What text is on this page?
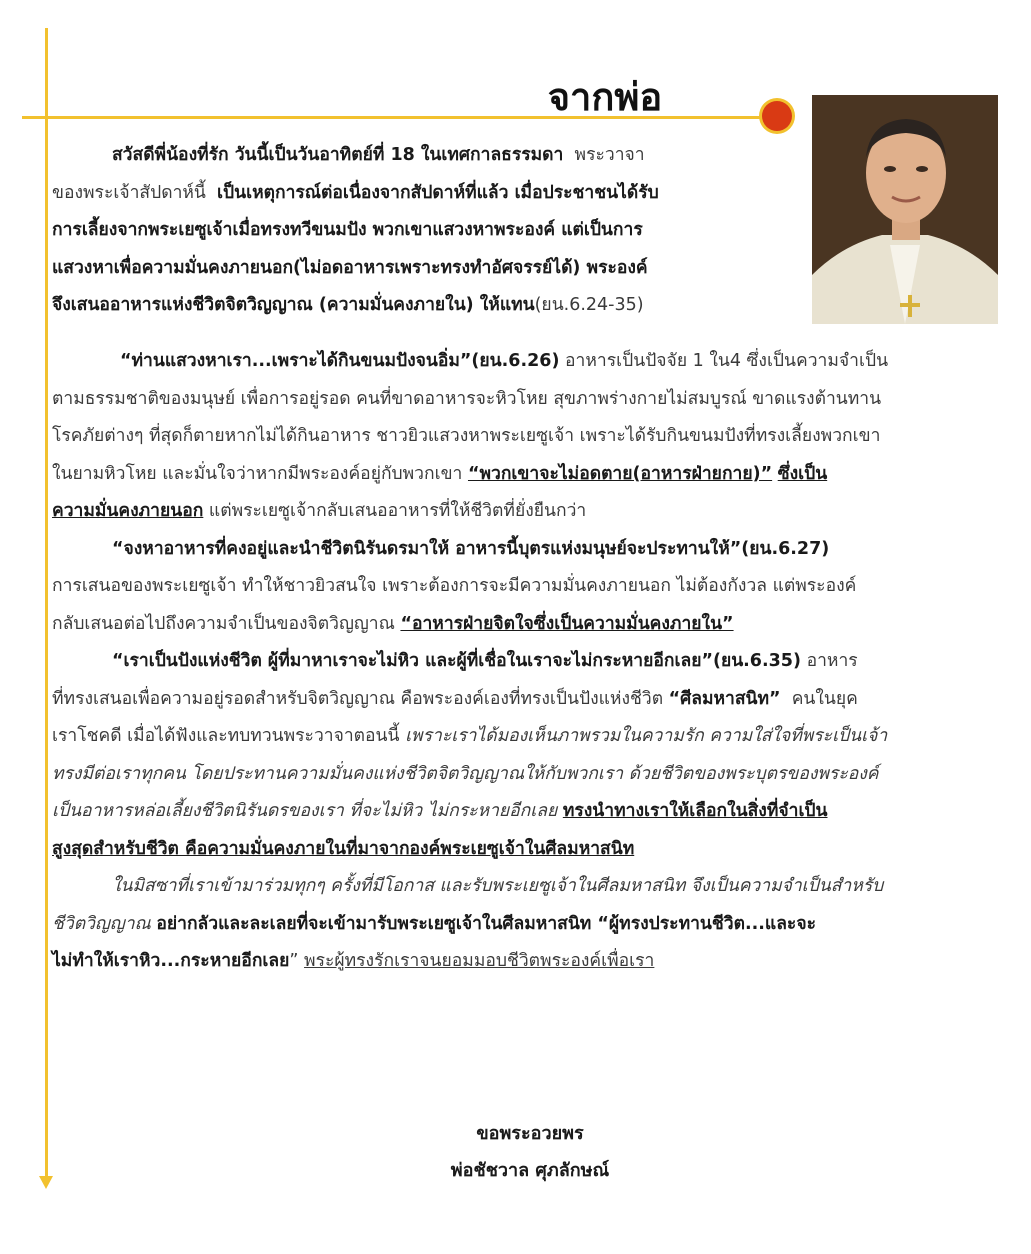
จากพ่อ
สวัสดีพี่น้องที่รัก วันนี้เป็นวันอาทิตย์ที่ 18 ในเทศกาลธรรมดา พระวาจา
ของพระเจ้าสัปดาห์นี้ เป็นเหตุการณ์ต่อเนื่องจากสัปดาห์ที่แล้ว เมื่อประชาชนได้รับ
การเลี้ยงจากพระเยซูเจ้าเมื่อทรงทวีขนมปัง พวกเขาแสวงหาพระองค์ แต่เป็นการ
แสวงหาเพื่อความมั่นคงภายนอก(ไม่อดอาหารเพราะทรงทำอัศจรรย์ได้) พระองค์
จึงเสนออาหารแห่งชีวิตจิตวิญญาณ (ความมั่นคงภายใน) ให้แทน(ยน.6.24-35)
“ท่านแสวงหาเรา...เพราะได้กินขนมปังจนอิ่ม”(ยน.6.26) อาหารเป็นปัจจัย 1 ใน4 ซึ่งเป็นความจำเป็น
ตามธรรมชาติของมนุษย์ เพื่อการอยู่รอด คนที่ขาดอาหารจะหิวโหย สุขภาพร่างกายไม่สมบูรณ์ ขาดแรงต้านทาน
โรคภัยต่างๆ ที่สุดก็ตายหากไม่ได้กินอาหาร ชาวยิวแสวงหาพระเยซูเจ้า เพราะได้รับกินขนมปังที่ทรงเลี้ยงพวกเขา
ในยามหิวโหย และมั่นใจว่าหากมีพระองค์อยู่กับพวกเขา “พวกเขาจะไม่อดตาย(อาหารฝ่ายกาย)” ซึ่งเป็น
ความมั่นคงภายนอก แต่พระเยซูเจ้ากลับเสนออาหารที่ให้ชีวิตที่ยั่งยืนกว่า
“จงหาอาหารที่คงอยู่และนำชีวิตนิรันดรมาให้ อาหารนี้บุตรแห่งมนุษย์จะประทานให้”(ยน.6.27)
การเสนอของพระเยซูเจ้า ทำให้ชาวยิวสนใจ เพราะต้องการจะมีความมั่นคงภายนอก ไม่ต้องกังวล แต่พระองค์
กลับเสนอต่อไปถึงความจำเป็นของจิตวิญญาณ “อาหารฝ่ายจิตใจซึ่งเป็นความมั่นคงภายใน”
“เราเป็นปังแห่งชีวิต ผู้ที่มาหาเราจะไม่หิว และผู้ที่เชื่อในเราจะไม่กระหายอีกเลย”(ยน.6.35) อาหาร
ที่ทรงเสนอเพื่อความอยู่รอดสำหรับจิตวิญญาณ คือพระองค์เองที่ทรงเป็นปังแห่งชีวิต “ศีลมหาสนิท” คนในยุค
เราโชคดี เมื่อได้ฟังและทบทวนพระวาจาตอนนี้ เพราะเราได้มองเห็นภาพรวมในความรัก ความใส่ใจที่พระเป็นเจ้า
ทรงมีต่อเราทุกคน โดยประทานความมั่นคงแห่งชีวิตจิตวิญญาณให้กับพวกเรา ด้วยชีวิตของพระบุตรของพระองค์
เป็นอาหารหล่อเลี้ยงชีวิตนิรันดรของเรา ที่จะไม่หิว ไม่กระหายอีกเลย ทรงนำทางเราให้เลือกในสิ่งที่จำเป็น
สูงสุดสำหรับชีวิต คือความมั่นคงภายในที่มาจากองค์พระเยซูเจ้าในศีลมหาสนิท
ในมิสซาที่เราเข้ามาร่วมทุกๆ ครั้งที่มีโอกาส และรับพระเยซูเจ้าในศีลมหาสนิท จึงเป็นความจำเป็นสำหรับ
ชีวิตวิญญาณ อย่ากลัวและละเลยที่จะเข้ามารับพระเยซูเจ้าในศีลมหาสนิท “ผู้ทรงประทานชีวิต...และจะ
ไม่ทำให้เราหิว...กระหายอีกเลย” พระผู้ทรงรักเราจนยอมมอบชีวิตพระองค์เพื่อเรา
ขอพระอวยพร
พ่อชัชวาล ศุภลักษณ์
